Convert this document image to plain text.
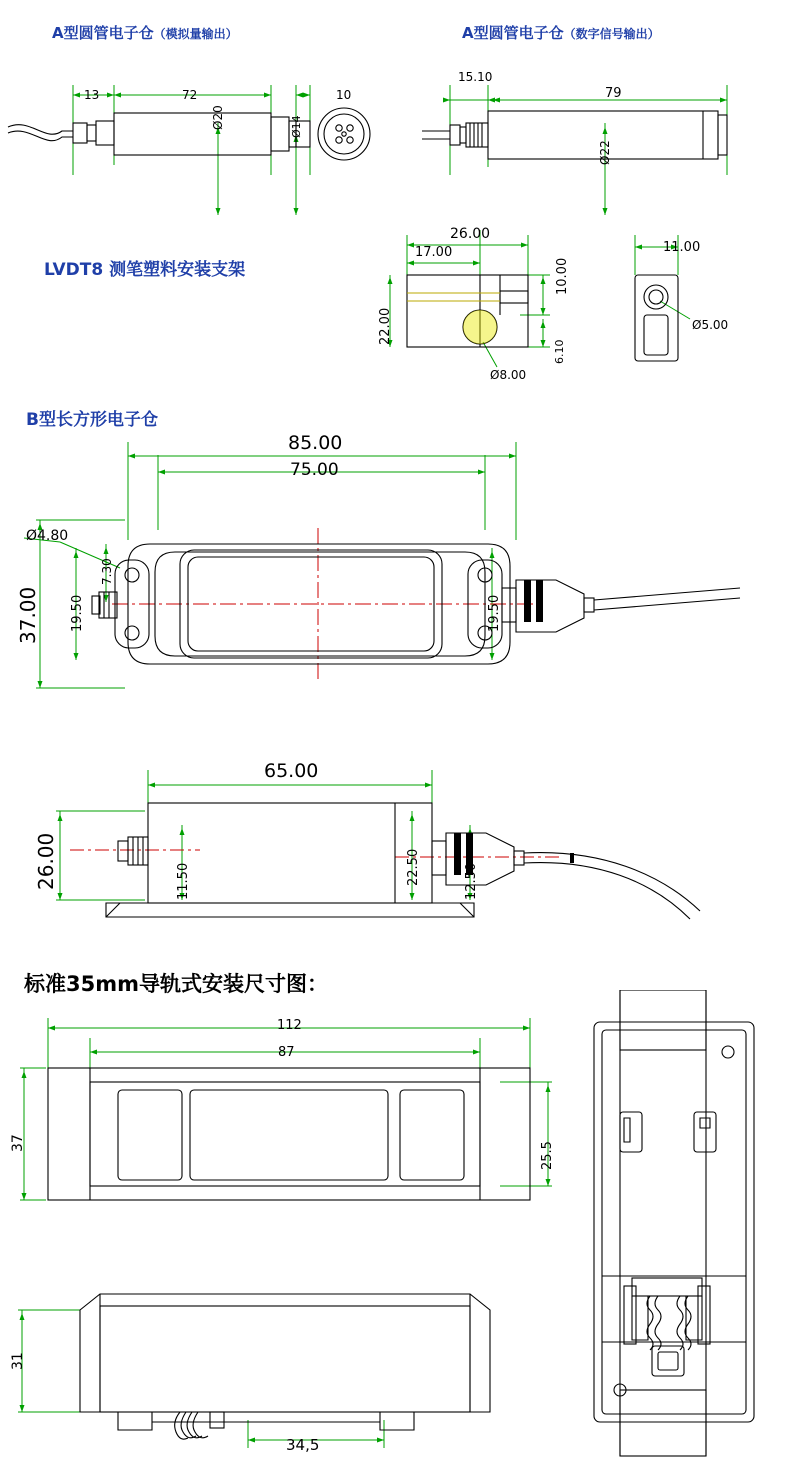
A型圆管电子仓（模拟量输出）	A型圆管电子仓（数字信号输出）
LVDT8 测笔塑料安装支架
B型长方形电子仓
标准35mm导轨式安装尺寸图：
13	72	10
Ø20	Ø14
15.10
79
Ø22
26.00
17.00
10.00
22.00
6.10
Ø8.00
11.00
Ø5.00
85.00
75.00
Ø4.80
7.30
19.50
37.00	19.50
65.00
26.00	11.50	22.50	12.50
112
87
37	25.5
31
34,5
